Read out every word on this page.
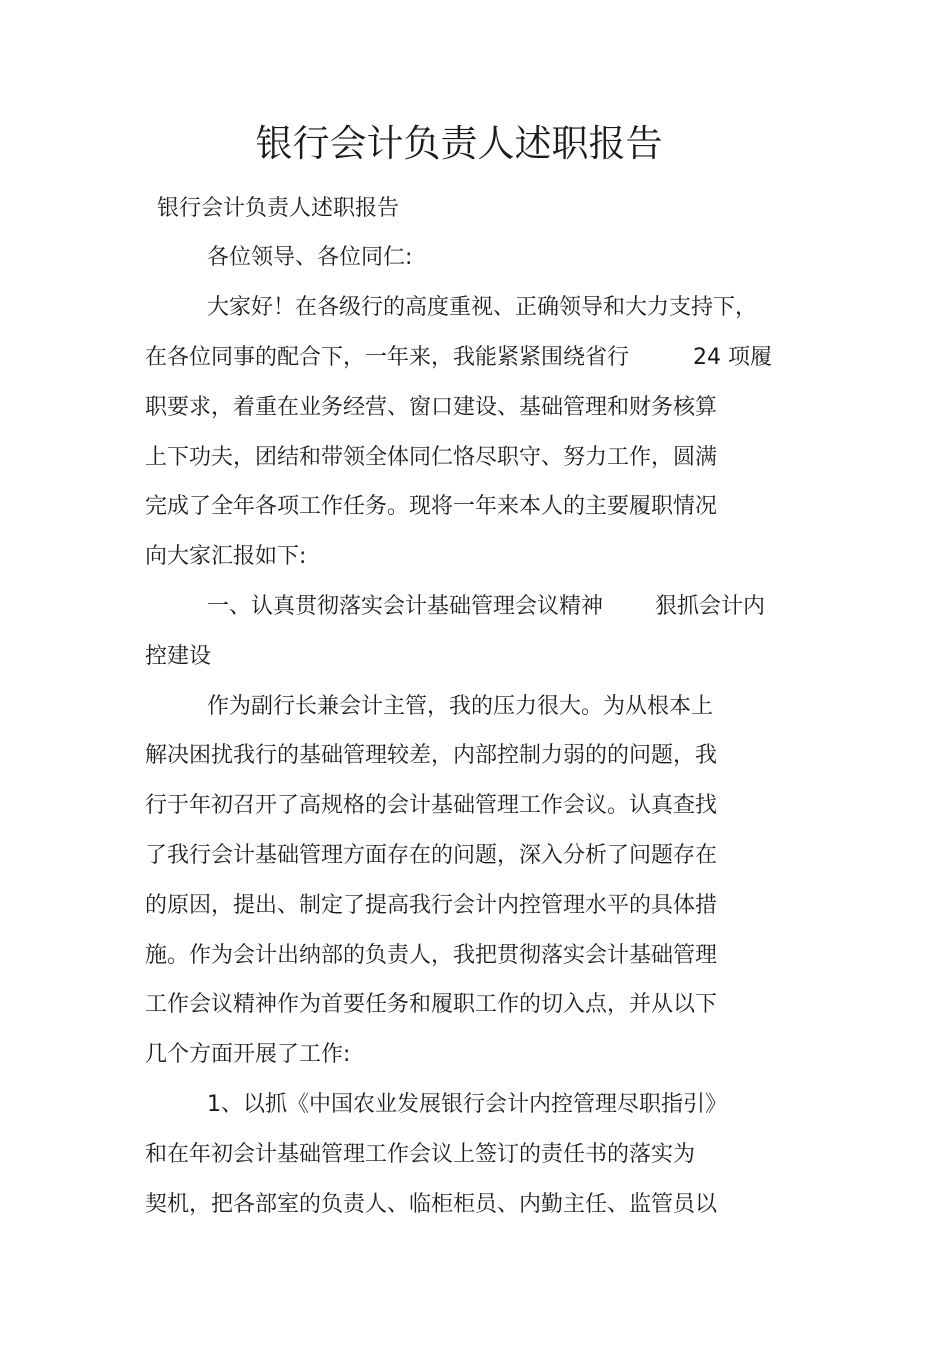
银行会计负责人述职报告

银行会计负责人述职报告

各位领导、各位同仁:

大家好！在各级行的高度重视、正确领导和大力支持下，

在各位同事的配合下，一年来，我能紧紧围绕省行	24 项履

职要求，着重在业务经营、窗口建设、基础管理和财务核算

上下功夫，团结和带领全体同仁恪尽职守、努力工作，圆满

完成了全年各项工作任务。现将一年来本人的主要履职情况

向大家汇报如下:

一、认真贯彻落实会计基础管理会议精神 狠抓会计内

控建设

作为副行长兼会计主管，我的压力很大。为从根本上

解决困扰我行的基础管理较差，内部控制力弱的的问题，我

行于年初召开了高规格的会计基础管理工作会议。认真查找

了我行会计基础管理方面存在的问题，深入分析了问题存在

的原因，提出、制定了提高我行会计内控管理水平的具体措

施。作为会计出纳部的负责人，我把贯彻落实会计基础管理

工作会议精神作为首要任务和履职工作的切入点，并从以下

几个方面开展了工作:

1、以抓《中国农业发展银行会计内控管理尽职指引》

和在年初会计基础管理工作会议上签订的责任书的落实为

契机，把各部室的负责人、临柜柜员、内勤主任、监管员以
